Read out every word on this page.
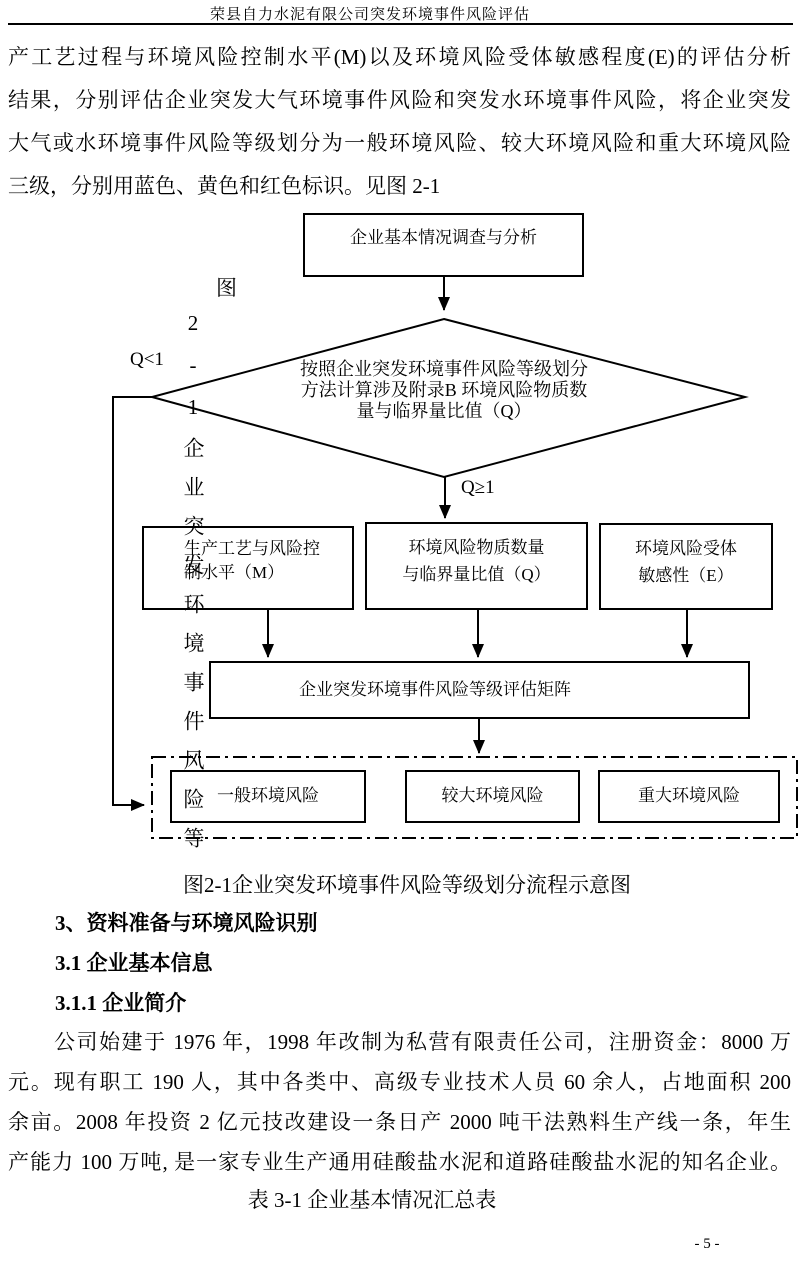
荣县自力水泥有限公司突发环境事件风险评估
产工艺过程与环境风险控制水平(M)以及环境风险受体敏感程度(E)的评估分析
结果，分别评估企业突发大气环境事件风险和突发水环境事件风险，将企业突发
大气或水环境事件风险等级划分为一般环境风险、较大环境风险和重大环境风险
三级，分别用蓝色、黄色和红色标识。见图 2-1
企业基本情况调查与分析
按照企业突发环境事件风险等级划分
方法计算涉及附录B 环境风险物质数
量与临界量比值（Q）
Q<1
Q≥1
图
2-1企业突发环境事件风险等
生产工艺与风险控
制水平（M）
环境风险物质数量
与临界量比值（Q）
环境风险受体
敏感性（E）
企业突发环境事件风险等级评估矩阵
一般环境风险	较大环境风险	重大环境风险
图2-1企业突发环境事件风险等级划分流程示意图
3、资料准备与环境风险识别
3.1 企业基本信息
3.1.1 企业简介
公司始建于 1976 年，1998 年改制为私营有限责任公司，注册资金：8000 万
元。现有职工 190 人，其中各类中、高级专业技术人员 60 余人，占地面积 200
余亩。2008 年投资 2 亿元技改建设一条日产 2000 吨干法熟料生产线一条，年生
产能力 100 万吨, 是一家专业生产通用硅酸盐水泥和道路硅酸盐水泥的知名企业。
表 3-1 企业基本情况汇总表
- 5 -
